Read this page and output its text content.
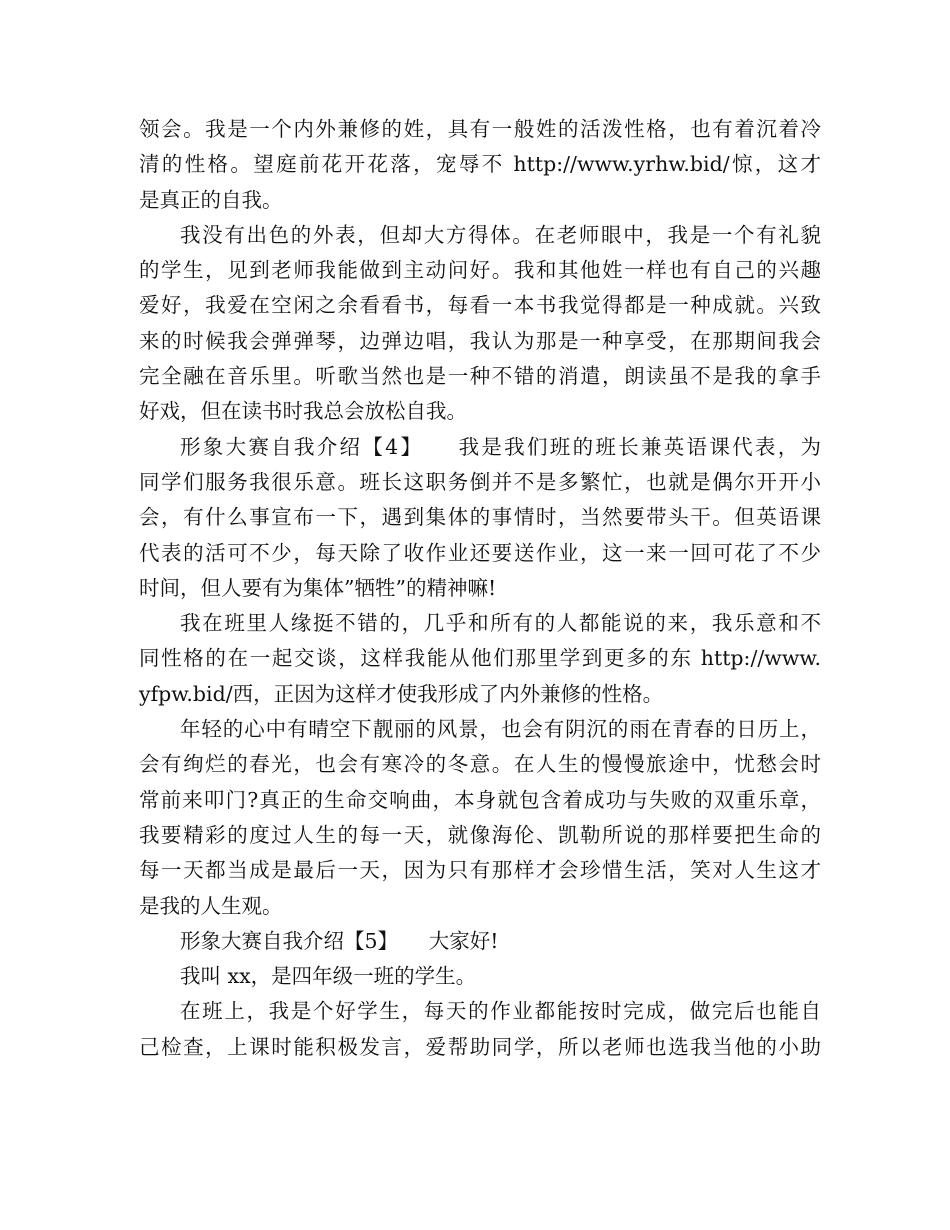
领会。我是一个内外兼修的姓，具有一般姓的活泼性格，也有着沉着冷
清的性格。望庭前花开花落，宠辱不 http://www.yrhw.bid/惊，这才
是真正的自我。
我没有出色的外表，但却大方得体。在老师眼中，我是一个有礼貌
的学生，见到老师我能做到主动问好。我和其他姓一样也有自己的兴趣
爱好，我爱在空闲之余看看书，每看一本书我觉得都是一种成就。兴致
来的时候我会弹弹琴，边弹边唱，我认为那是一种享受，在那期间我会
完全融在音乐里。听歌当然也是一种不错的消遣，朗读虽不是我的拿手
好戏，但在读书时我总会放松自我。
形象大赛自我介绍【4】　　我是我们班的班长兼英语课代表，为
同学们服务我很乐意。班长这职务倒并不是多繁忙，也就是偶尔开开小
会，有什么事宣布一下，遇到集体的事情时，当然要带头干。但英语课
代表的活可不少，每天除了收作业还要送作业，这一来一回可花了不少
时间，但人要有为集体”牺牲”的精神嘛!
我在班里人缘挺不错的，几乎和所有的人都能说的来，我乐意和不
同性格的在一起交谈，这样我能从他们那里学到更多的东 http://www.
yfpw.bid/西，正因为这样才使我形成了内外兼修的性格。
年轻的心中有晴空下靓丽的风景，也会有阴沉的雨在青春的日历上，
会有绚烂的春光，也会有寒冷的冬意。在人生的慢慢旅途中，忧愁会时
常前来叩门?真正的生命交响曲，本身就包含着成功与失败的双重乐章，
我要精彩的度过人生的每一天，就像海伦、凯勒所说的那样要把生命的
每一天都当成是最后一天，因为只有那样才会珍惜生活，笑对人生这才
是我的人生观。
形象大赛自我介绍【5】　　大家好!
我叫 xx，是四年级一班的学生。
在班上，我是个好学生，每天的作业都能按时完成，做完后也能自
己检查，上课时能积极发言，爱帮助同学，所以老师也选我当他的小助
